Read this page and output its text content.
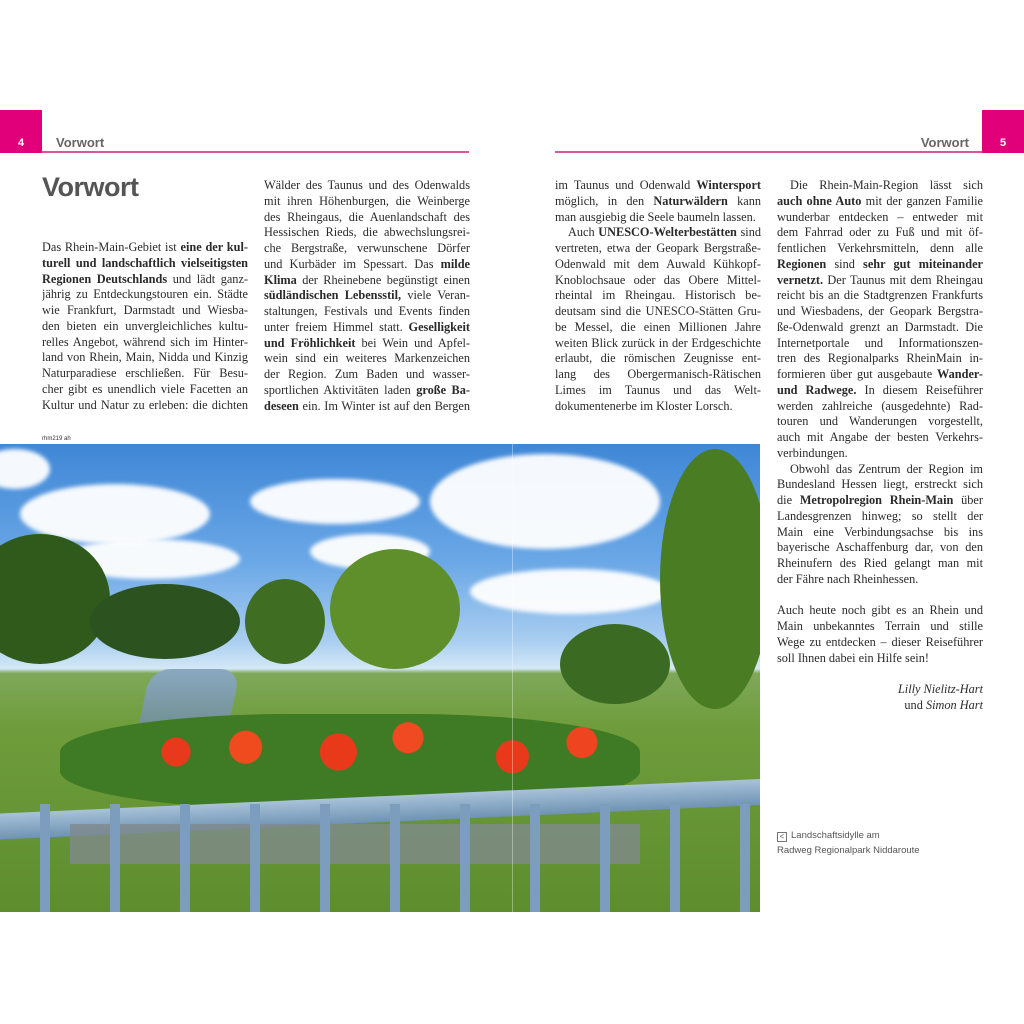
4	Vorwort	5
Vorwort
Vorwort
Das Rhein-Main-Gebiet ist eine der kul-
turell und landschaftlich vielseitigsten
Regionen Deutschlands und lädt ganz-
jährig zu Entdeckungstouren ein. Städte
wie Frankfurt, Darmstadt und Wiesba-
den bieten ein unvergleichliches kultu-
relles Angebot, während sich im Hinter-
land von Rhein, Main, Nidda und Kinzig
Naturparadiese erschließen. Für Besu-
cher gibt es unendlich viele Facetten an
Kultur und Natur zu erleben: die dichten
Wälder des Taunus und des Odenwalds
mit ihren Höhenburgen, die Weinberge
des Rheingaus, die Auenlandschaft des
Hessischen Rieds, die abwechslungsrei-
che Bergstraße, verwunschene Dörfer
und Kurbäder im Spessart. Das milde
Klima der Rheinebene begünstigt einen
südländischen Lebensstil, viele Veran-
staltungen, Festivals und Events finden
unter freiem Himmel statt. Geselligkeit
und Fröhlichkeit bei Wein und Apfel-
wein sind ein weiteres Markenzeichen
der Region. Zum Baden und wasser-
sportlichen Aktivitäten laden große Ba-
deseen ein. Im Winter ist auf den Bergen
im Taunus und Odenwald Wintersport
möglich, in den Naturwäldern kann
man ausgiebig die Seele baumeln lassen.
Auch UNESCO-Welterbestätten sind
vertreten, etwa der Geopark Bergstraße-
Odenwald mit dem Auwald Kühkopf-
Knoblochsaue oder das Obere Mittel-
rheintal im Rheingau. Historisch be-
deutsam sind die UNESCO-Stätten Gru-
be Messel, die einen Millionen Jahre
weiten Blick zurück in der Erdgeschichte
erlaubt, die römischen Zeugnisse ent-
lang des Obergermanisch-Rätischen
Limes im Taunus und das Welt-
dokumentenerbe im Kloster Lorsch.
Die Rhein-Main-Region lässt sich
auch ohne Auto mit der ganzen Familie
wunderbar entdecken – entweder mit
dem Fahrrad oder zu Fuß und mit öf-
fentlichen Verkehrsmitteln, denn alle
Regionen sind sehr gut miteinander
vernetzt. Der Taunus mit dem Rheingau
reicht bis an die Stadtgrenzen Frankfurts
und Wiesbadens, der Geopark Bergstra-
ße-Odenwald grenzt an Darmstadt. Die
Internetportale und Informationszen-
tren des Regionalparks RheinMain in-
formieren über gut ausgebaute Wander-
und Radwege. In diesem Reiseführer
werden zahlreiche (ausgedehnte) Rad-
touren und Wanderungen vorgestellt,
auch mit Angabe der besten Verkehrs-
verbindungen.
Obwohl das Zentrum der Region im
Bundesland Hessen liegt, erstreckt sich
die Metropolregion Rhein-Main über
Landesgrenzen hinweg; so stellt der
Main eine Verbindungsachse bis ins
bayerische Aschaffenburg dar, von den
Rheinufern des Ried gelangt man mit
der Fähre nach Rheinhessen.
Auch heute noch gibt es an Rhein und
Main unbekanntes Terrain und stille
Wege zu entdecken – dieser Reiseführer
soll Ihnen dabei ein Hilfe sein!
Lilly Nielitz-Hart
und Simon Hart
rhm219 ah
< Landschaftsidylle am
Radweg Regionalpark Niddaroute
